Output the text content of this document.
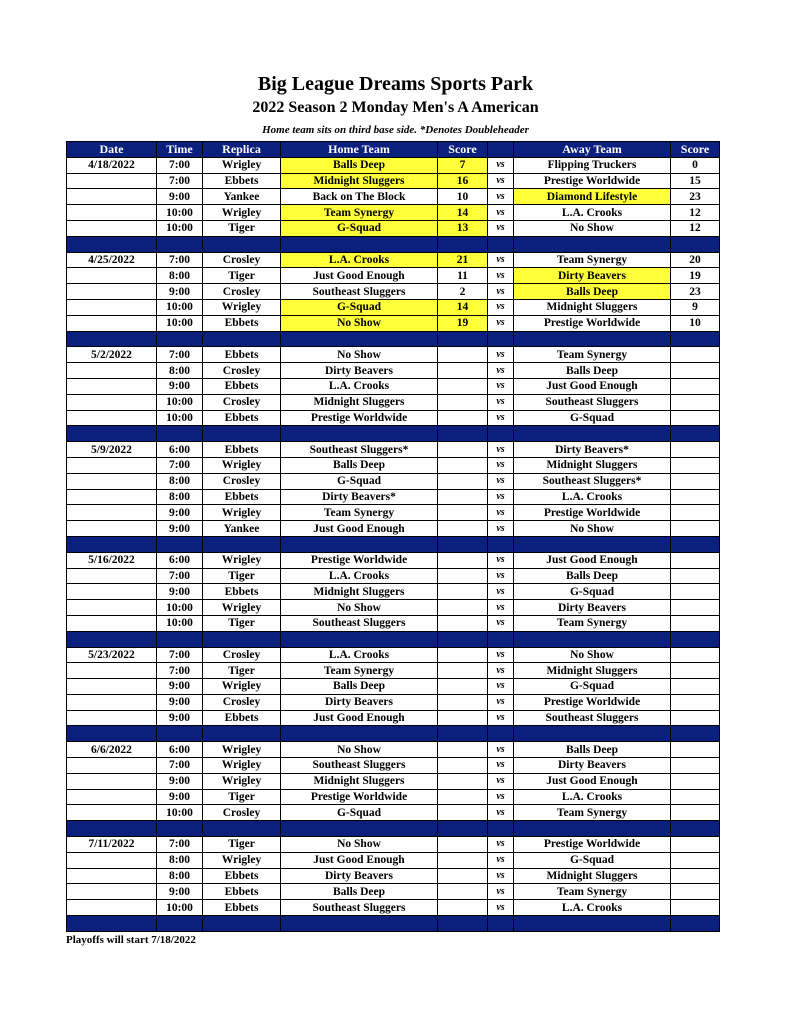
Big League Dreams Sports Park
2022 Season 2 Monday Men's A American
Home team sits on third base side. *Denotes Doubleheader
Date	Time	Replica	Home Team	Score		Away Team	Score
4/18/2022	7:00	Wrigley	Balls Deep	7	vs	Flipping Truckers	0
	7:00	Ebbets	Midnight Sluggers	16	vs	Prestige Worldwide	15
	9:00	Yankee	Back on The Block	10	vs	Diamond Lifestyle	23
	10:00	Wrigley	Team Synergy	14	vs	L.A. Crooks	12
	10:00	Tiger	G-Squad	13	vs	No Show	12

4/25/2022	7:00	Crosley	L.A. Crooks	21	vs	Team Synergy	20
	8:00	Tiger	Just Good Enough	11	vs	Dirty Beavers	19
	9:00	Crosley	Southeast Sluggers	2	vs	Balls Deep	23
	10:00	Wrigley	G-Squad	14	vs	Midnight Sluggers	9
	10:00	Ebbets	No Show	19	vs	Prestige Worldwide	10

5/2/2022	7:00	Ebbets	No Show		vs	Team Synergy	
	8:00	Crosley	Dirty Beavers		vs	Balls Deep	
	9:00	Ebbets	L.A. Crooks		vs	Just Good Enough	
	10:00	Crosley	Midnight Sluggers		vs	Southeast Sluggers	
	10:00	Ebbets	Prestige Worldwide		vs	G-Squad	

5/9/2022	6:00	Ebbets	Southeast Sluggers*		vs	Dirty Beavers*	
	7:00	Wrigley	Balls Deep		vs	Midnight Sluggers	
	8:00	Crosley	G-Squad		vs	Southeast Sluggers*	
	8:00	Ebbets	Dirty Beavers*		vs	L.A. Crooks	
	9:00	Wrigley	Team Synergy		vs	Prestige Worldwide	
	9:00	Yankee	Just Good Enough		vs	No Show	

5/16/2022	6:00	Wrigley	Prestige Worldwide		vs	Just Good Enough	
	7:00	Tiger	L.A. Crooks		vs	Balls Deep	
	9:00	Ebbets	Midnight Sluggers		vs	G-Squad	
	10:00	Wrigley	No Show		vs	Dirty Beavers	
	10:00	Tiger	Southeast Sluggers		vs	Team Synergy	

5/23/2022	7:00	Crosley	L.A. Crooks		vs	No Show	
	7:00	Tiger	Team Synergy		vs	Midnight Sluggers	
	9:00	Wrigley	Balls Deep		vs	G-Squad	
	9:00	Crosley	Dirty Beavers		vs	Prestige Worldwide	
	9:00	Ebbets	Just Good Enough		vs	Southeast Sluggers	

6/6/2022	6:00	Wrigley	No Show		vs	Balls Deep	
	7:00	Wrigley	Southeast Sluggers		vs	Dirty Beavers	
	9:00	Wrigley	Midnight Sluggers		vs	Just Good Enough	
	9:00	Tiger	Prestige Worldwide		vs	L.A. Crooks	
	10:00	Crosley	G-Squad		vs	Team Synergy	

7/11/2022	7:00	Tiger	No Show		vs	Prestige Worldwide	
	8:00	Wrigley	Just Good Enough		vs	G-Squad	
	8:00	Ebbets	Dirty Beavers		vs	Midnight Sluggers	
	9:00	Ebbets	Balls Deep		vs	Team Synergy	
	10:00	Ebbets	Southeast Sluggers		vs	L.A. Crooks	

Playoffs will start 7/18/2022
